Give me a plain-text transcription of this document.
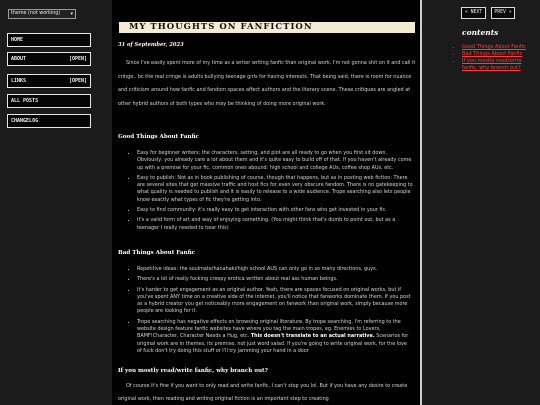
theme (not working) ▾
HOME
ABOUT	[OPEN]
LINKS	[OPEN]
ALL POSTS
CHANGELOG
MY THOUGHTS ON FANFICTION
31 of September, 2023

Since I've easily spent more of my time as a writer writing fanfic than original work, I'm not gonna shit on it and call it cringe.. bc the real cringe is adults bullying teenage girls for having interests. That being said, there is room for nuance and criticism around how fanfic and fandom spaces affect authors and the literary scene. These critiques are angled at other hybrid authors of both types who may be thinking of doing more original work.

Good Things About Fanfic
• Easy for beginner writers: the characters, setting, and plot are all ready to go when you first sit down. Obviously, you already care a lot about them and it's quite easy to build off of that. If you haven't already come up with a premise for your fic, common ones abound: high school and college AUs, coffee shop AUs, etc.
• Easy to publish: Not as in book publishing of course, though that happens, but as in posting web fiction: There are several sites that get massive traffic and host fics for even very obscure fandom. There is no gatekeeping to what quality is needed to publish and it is easily to release to a wide audience. Trope searching also lets people know exactly what types of fic they're getting into.
• Easy to find community: it's really easy to get interaction with other fans who get invested in your fic.
• It's a valid form of art and way of enjoying something. (You might think that's dumb to point out, but as a teenager I really needed to hear this)
Bad Things About Fanfic
• Repetitive ideas: the soulmate/hanahaki/high school AUS can only go in so many directions, guys.
• There's a lot of really fucking creepy erotica written about real ass human beings.
• It's harder to get engagement as an original author. Yeah, there are spaces focused on original works, but if you've spent ANY time on a creative side of the internet, you'll notice that fanworks dominate them. If you post as a hybrid creator you get noticeably more engagement on fanwork than original work, simply because more people are looking for it.
• Trope searching has negative effects on browsing original literature. By trope searching, I'm referring to the website design feature fanfic websites have where you tag the main tropes, eg. Enemies to Lovers, BAMF!Character, Character Needs a Hug, etc. This doesn't translate to an actual narrative. Scenarios for original work are in themes, its premise, not just word salad. If you're going to write original work, for the love of fuck don't try doing this stuff or I'll try jamming your hand in a door
If you mostly read/write fanfic, why branch out?

Of course it's fine if you want to only read and write fanfic, I can't stop you lol. But if you have any desire to create original work, then reading and writing original fiction is an important step to creating

« NEXT	PREV »
contents
• Good Things About Fanfic
• Bad Things About Fanfic
• If you mostly read/write fanfic, why branch out?
